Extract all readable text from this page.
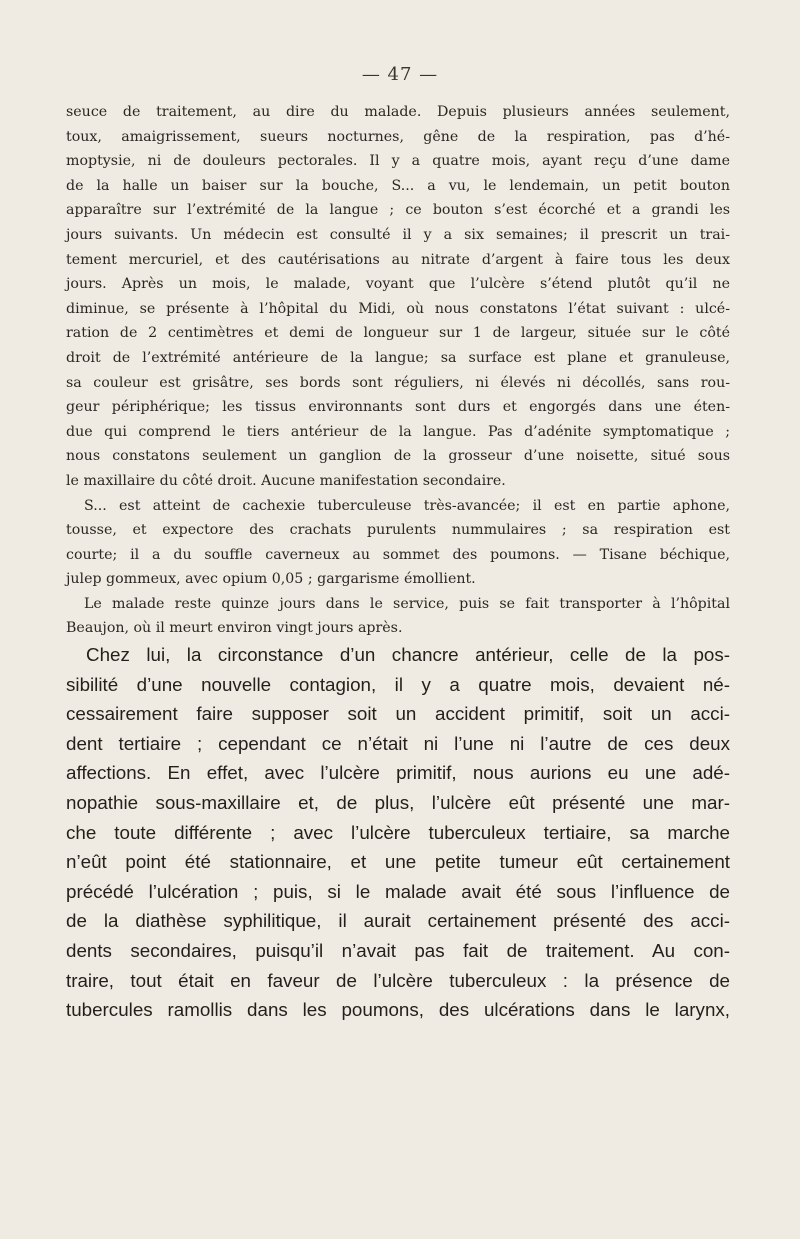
— 47 —
seuce de traitement, au dire du malade. Depuis plusieurs années seulement,
toux, amaigrissement, sueurs nocturnes, gêne de la respiration, pas d’hé-
moptysie, ni de douleurs pectorales. Il y a quatre mois, ayant reçu d’une dame
de la halle un baiser sur la bouche, S... a vu, le lendemain, un petit bouton
apparaître sur l’extrémité de la langue ; ce bouton s’est écorché et a grandi les
jours suivants. Un médecin est consulté il y a six semaines; il prescrit un trai-
tement mercuriel, et des cautérisations au nitrate d’argent à faire tous les deux
jours. Après un mois, le malade, voyant que l’ulcère s’étend plutôt qu’il ne
diminue, se présente à l’hôpital du Midi, où nous constatons l’état suivant : ulcé-
ration de 2 centimètres et demi de longueur sur 1 de largeur, située sur le côté
droit de l’extrémité antérieure de la langue; sa surface est plane et granuleuse,
sa couleur est grisâtre, ses bords sont réguliers, ni élevés ni décollés, sans rou-
geur périphérique; les tissus environnants sont durs et engorgés dans une éten-
due qui comprend le tiers antérieur de la langue. Pas d’adénite symptomatique ;
nous constatons seulement un ganglion de la grosseur d’une noisette, situé sous
le maxillaire du côté droit. Aucune manifestation secondaire.
S... est atteint de cachexie tuberculeuse très-avancée; il est en partie aphone,
tousse, et expectore des crachats purulents nummulaires ; sa respiration est
courte; il a du souffle caverneux au sommet des poumons. — Tisane béchique,
julep gommeux, avec opium 0,05 ; gargarisme émollient.
Le malade reste quinze jours dans le service, puis se fait transporter à l’hôpital
Beaujon, où il meurt environ vingt jours après.
Chez lui, la circonstance d’un chancre antérieur, celle de la pos-
sibilité d’une nouvelle contagion, il y a quatre mois, devaient né-
cessairement faire supposer soit un accident primitif, soit un acci-
dent tertiaire ; cependant ce n’était ni l’une ni l’autre de ces deux
affections. En effet, avec l’ulcère primitif, nous aurions eu une adé-
nopathie sous-maxillaire et, de plus, l’ulcère eût présenté une mar-
che toute différente ; avec l’ulcère tuberculeux tertiaire, sa marche
n’eût point été stationnaire, et une petite tumeur eût certainement
précédé l’ulcération ; puis, si le malade avait été sous l’influence de
de la diathèse syphilitique, il aurait certainement présenté des acci-
dents secondaires, puisqu’il n’avait pas fait de traitement. Au con-
traire, tout était en faveur de l’ulcère tuberculeux : la présence de
tubercules ramollis dans les poumons, des ulcérations dans le larynx,
